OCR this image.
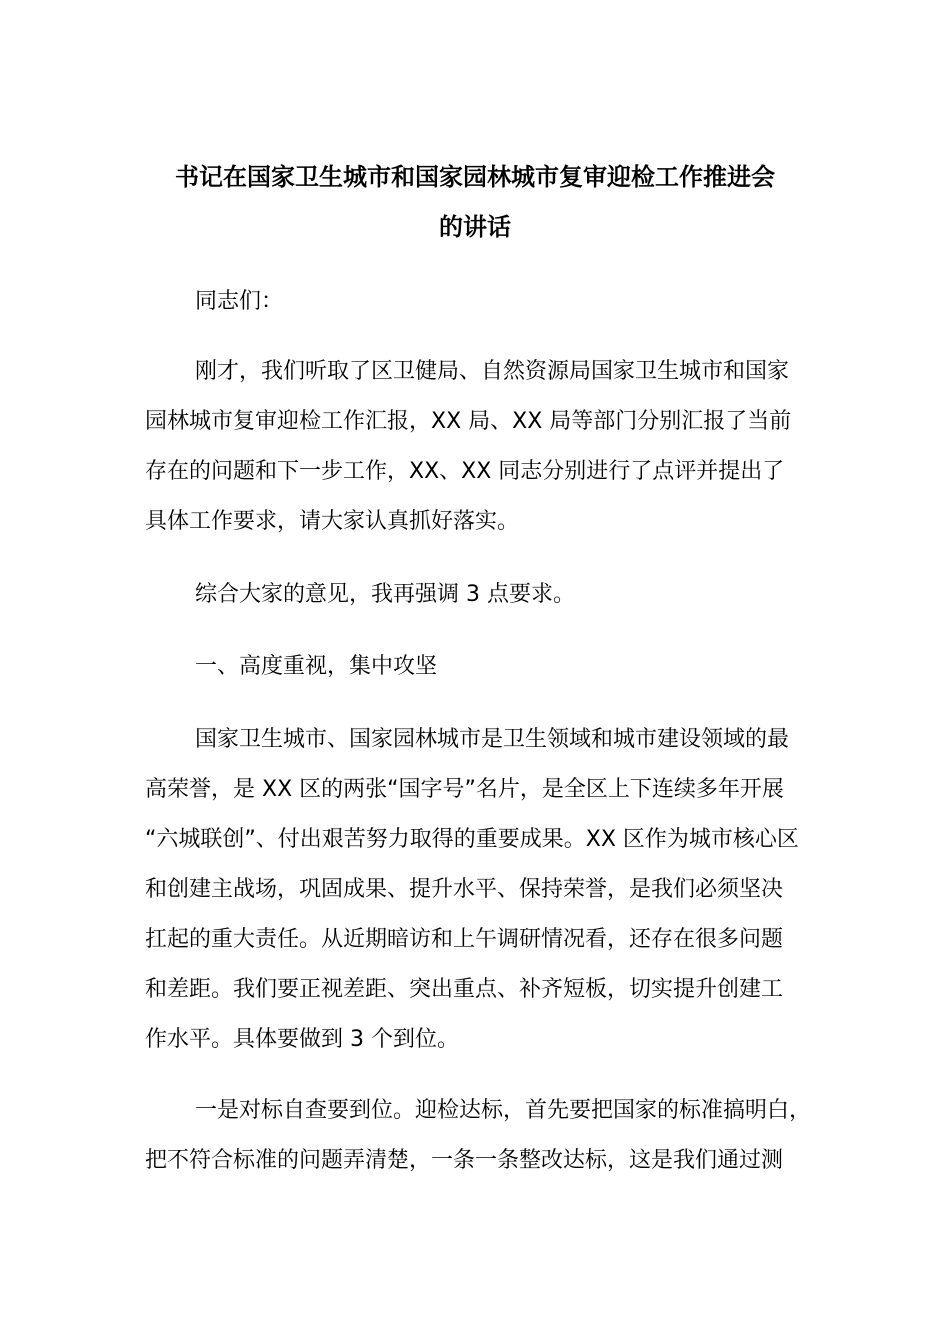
书记在国家卫生城市和国家园林城市复审迎检工作推进会
的讲话

同志们：

刚才，我们听取了区卫健局、自然资源局国家卫生城市和国家

园林城市复审迎检工作汇报，XX 局、XX 局等部门分别汇报了当前

存在的问题和下一步工作，XX、XX 同志分别进行了点评并提出了

具体工作要求，请大家认真抓好落实。

综合大家的意见，我再强调 3 点要求。

一、高度重视，集中攻坚

国家卫生城市、国家园林城市是卫生领域和城市建设领域的最

高荣誉，是 XX 区的两张“国字号”名片，是全区上下连续多年开展

“六城联创”、付出艰苦努力取得的重要成果。XX 区作为城市核心区

和创建主战场，巩固成果、提升水平、保持荣誉，是我们必须坚决

扛起的重大责任。从近期暗访和上午调研情况看，还存在很多问题

和差距。我们要正视差距、突出重点、补齐短板，切实提升创建工

作水平。具体要做到 3 个到位。

一是对标自查要到位。迎检达标，首先要把国家的标准搞明白，

把不符合标准的问题弄清楚，一条一条整改达标，这是我们通过测
